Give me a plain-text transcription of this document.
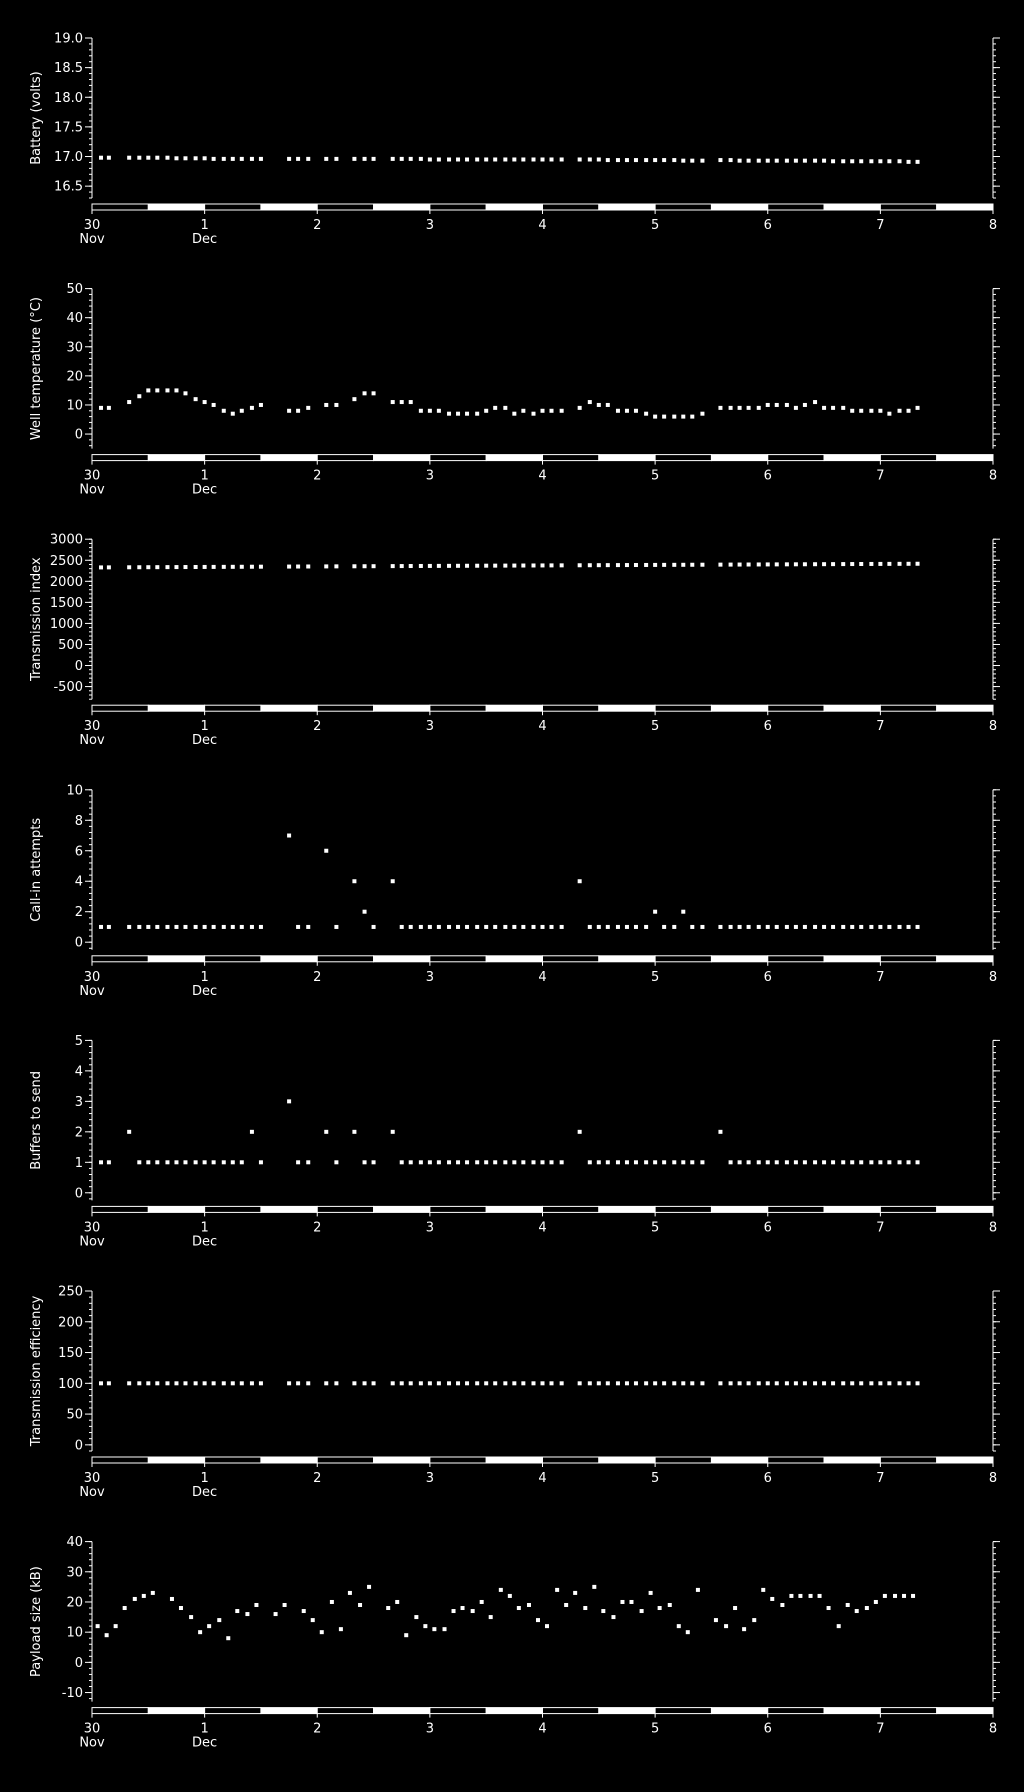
19.0
18.5
18.0
17.5
17.0
16.5
Battery (volts)
30
Nov
1
Dec
2	3	4	5	6	7	8
50
40
30
20
10
0
Well temperature (°C)
30
Nov
1
Dec
2	3	4	5	6	7	8
3000
2500
2000
1500
1000
500
0
-500
Transmission index
30
Nov
1
Dec
2	3	4	5	6	7	8
10
8
6
4
2
0
Call-in attempts
30
Nov
1
Dec
2	3	4	5	6	7	8
5
4
3
2
1
0
Buffers to send
30
Nov
1
Dec
2	3	4	5	6	7	8
250
200
150
100
50
0
Transmission efficiency
30
Nov
1
Dec
2	3	4	5	6	7	8
40
30
20
10
0
-10
Payload size (kB)
30
Nov
1
Dec
2	3	4	5	6	7	8
